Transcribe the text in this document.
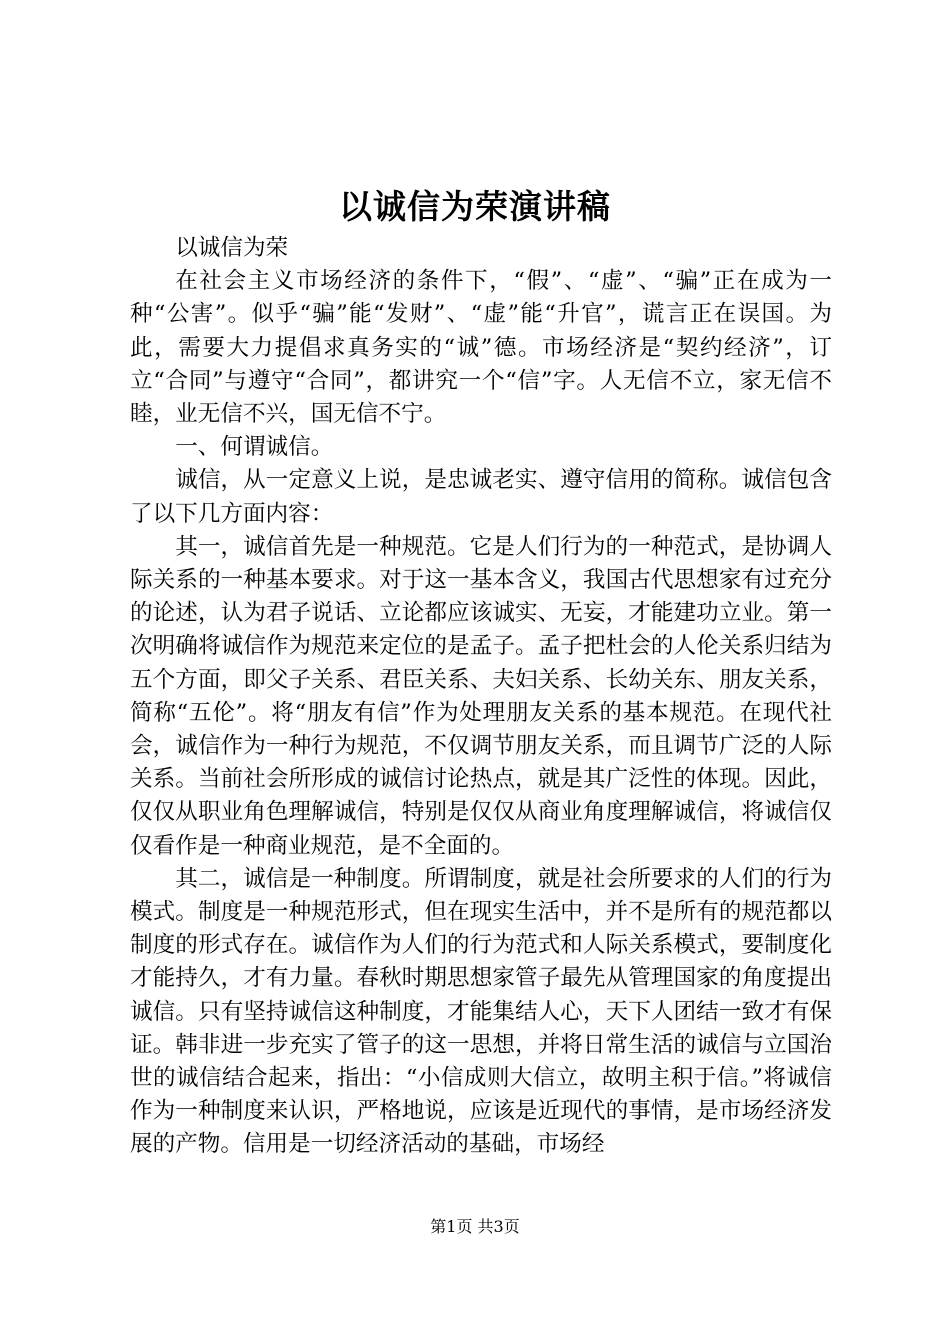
以诚信为荣演讲稿

以诚信为荣

在社会主义市场经济的条件下，“假”、“虚”、“骗”正在成为一种“公害”。似乎“骗”能“发财”、“虚”能“升官”，谎言正在误国。为此，需要大力提倡求真务实的“诚”德。市场经济是“契约经济”，订立“合同”与遵守“合同”，都讲究一个“信”字。人无信不立，家无信不睦，业无信不兴，国无信不宁。

一、何谓诚信。

诚信，从一定意义上说，是忠诚老实、遵守信用的简称。诚信包含了以下几方面内容：

其一，诚信首先是一种规范。它是人们行为的一种范式，是协调人际关系的一种基本要求。对于这一基本含义，我国古代思想家有过充分的论述，认为君子说话、立论都应该诚实、无妄，才能建功立业。第一次明确将诚信作为规范来定位的是孟子。孟子把杜会的人伦关系归结为五个方面，即父子关系、君臣关系、夫妇关系、长幼关东、朋友关系，简称“五伦”。将“朋友有信”作为处理朋友关系的基本规范。在现代社会，诚信作为一种行为规范，不仅调节朋友关系，而且调节广泛的人际关系。当前社会所形成的诚信讨论热点，就是其广泛性的体现。因此，仅仅从职业角色理解诚信，特别是仅仅从商业角度理解诚信，将诚信仅仅看作是一种商业规范，是不全面的。

其二，诚信是一种制度。所谓制度，就是社会所要求的人们的行为模式。制度是一种规范形式，但在现实生活中，并不是所有的规范都以制度的形式存在。诚信作为人们的行为范式和人际关系模式，要制度化才能持久，才有力量。春秋时期思想家管子最先从管理国家的角度提出诚信。只有坚持诚信这种制度，才能集结人心，天下人团结一致才有保证。韩非进一步充实了管子的这一思想，并将日常生活的诚信与立国治世的诚信结合起来，指出：“小信成则大信立，故明主积于信。”将诚信作为一种制度来认识，严格地说，应该是近现代的事情，是市场经济发展的产物。信用是一切经济活动的基础，市场经

第1页 共3页
